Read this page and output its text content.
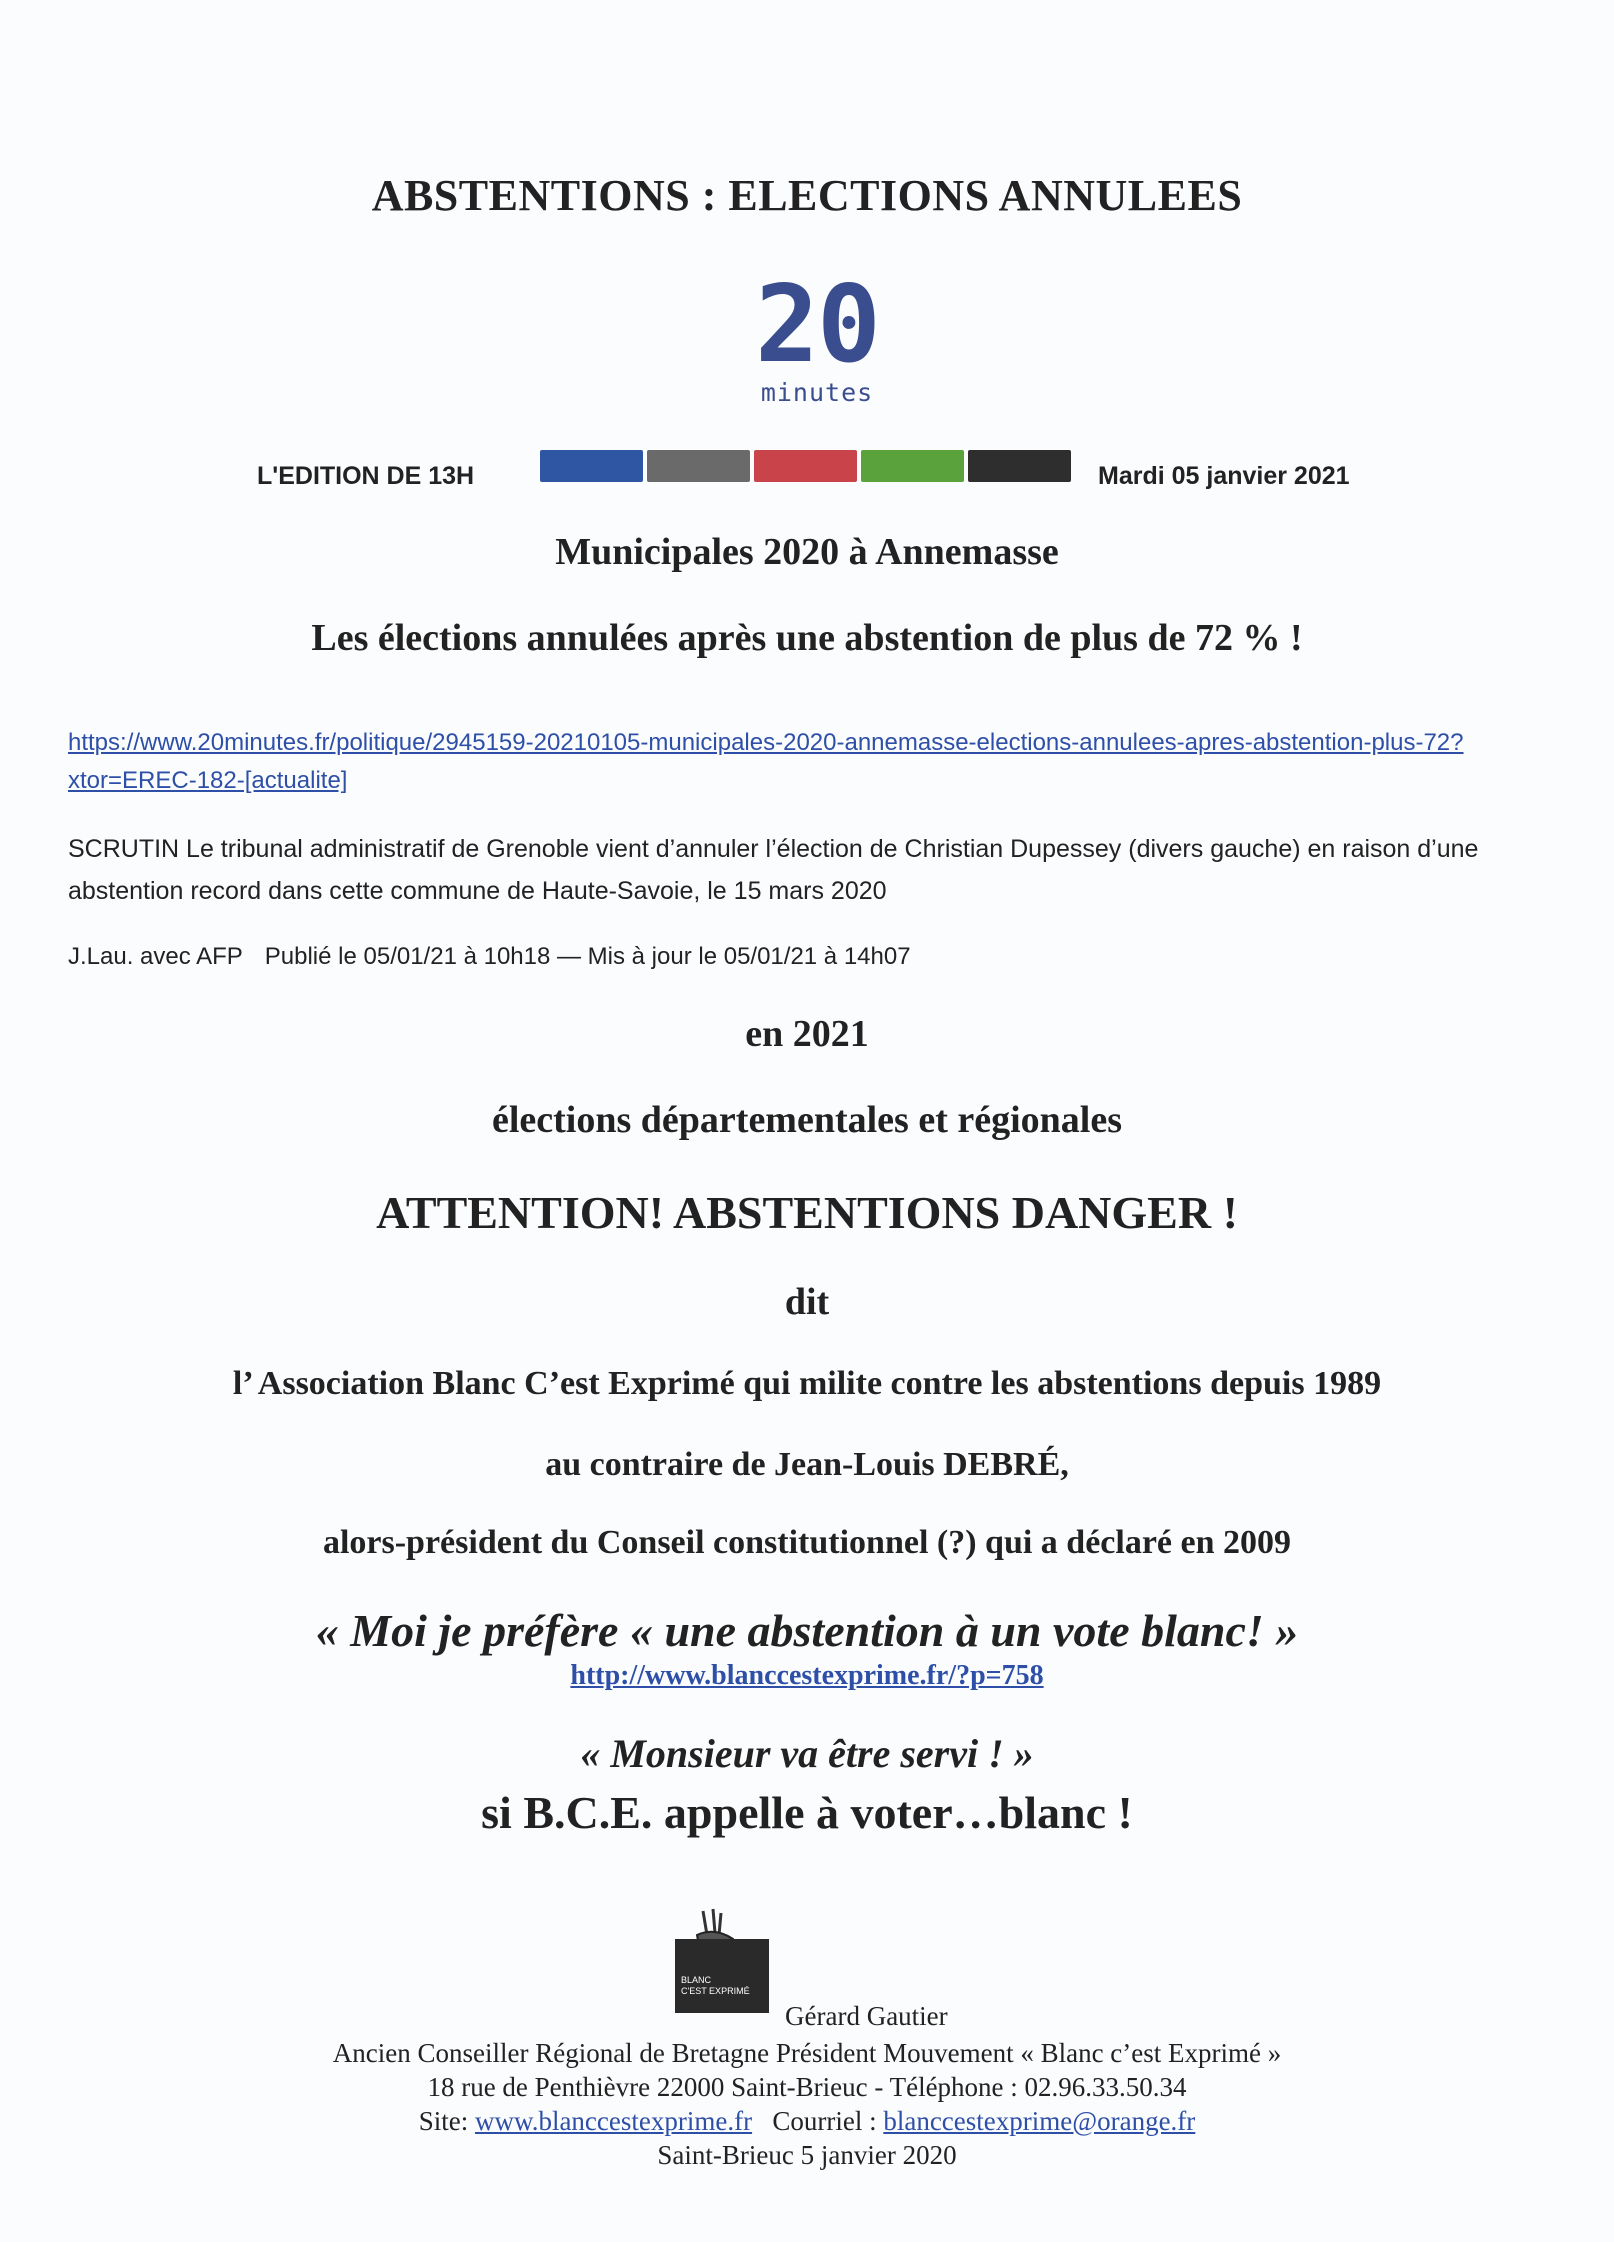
ABSTENTIONS : ELECTIONS ANNULEES
20
minutes
L'EDITION DE 13H	Mardi 05 janvier 2021
Municipales 2020 à Annemasse
Les élections annulées après une abstention de plus de 72 % !
https://www.20minutes.fr/politique/2945159-20210105-municipales-2020-annemasse-elections-annulees-apres-abstention-plus-72?xtor=EREC-182-[actualite]
SCRUTIN Le tribunal administratif de Grenoble vient d’annuler l’élection de Christian Dupessey (divers gauche) en raison d’une abstention record dans cette commune de Haute-Savoie, le 15 mars 2020
J.Lau. avec AFP Publié le 05/01/21 à 10h18 — Mis à jour le 05/01/21 à 14h07
en 2021
élections départementales et régionales
ATTENTION! ABSTENTIONS DANGER !
dit
l’ Association Blanc C’est Exprimé qui milite contre les abstentions depuis 1989
au contraire de Jean-Louis DEBRÉ,
alors-président du Conseil constitutionnel (?) qui a déclaré en 2009
« Moi je préfère « une abstention à un vote blanc! »
http://www.blanccestexprime.fr/?p=758
« Monsieur va être servi ! »
si B.C.E. appelle à voter…blanc !
BLANC
C'EST EXPRIMÉ
Gérard Gautier
Ancien Conseiller Régional de Bretagne Président Mouvement « Blanc c’est Exprimé »
18 rue de Penthièvre 22000 Saint-Brieuc - Téléphone : 02.96.33.50.34
Site: www.blanccestexprime.fr   Courriel : blanccestexprime@orange.fr
Saint-Brieuc 5 janvier 2020
